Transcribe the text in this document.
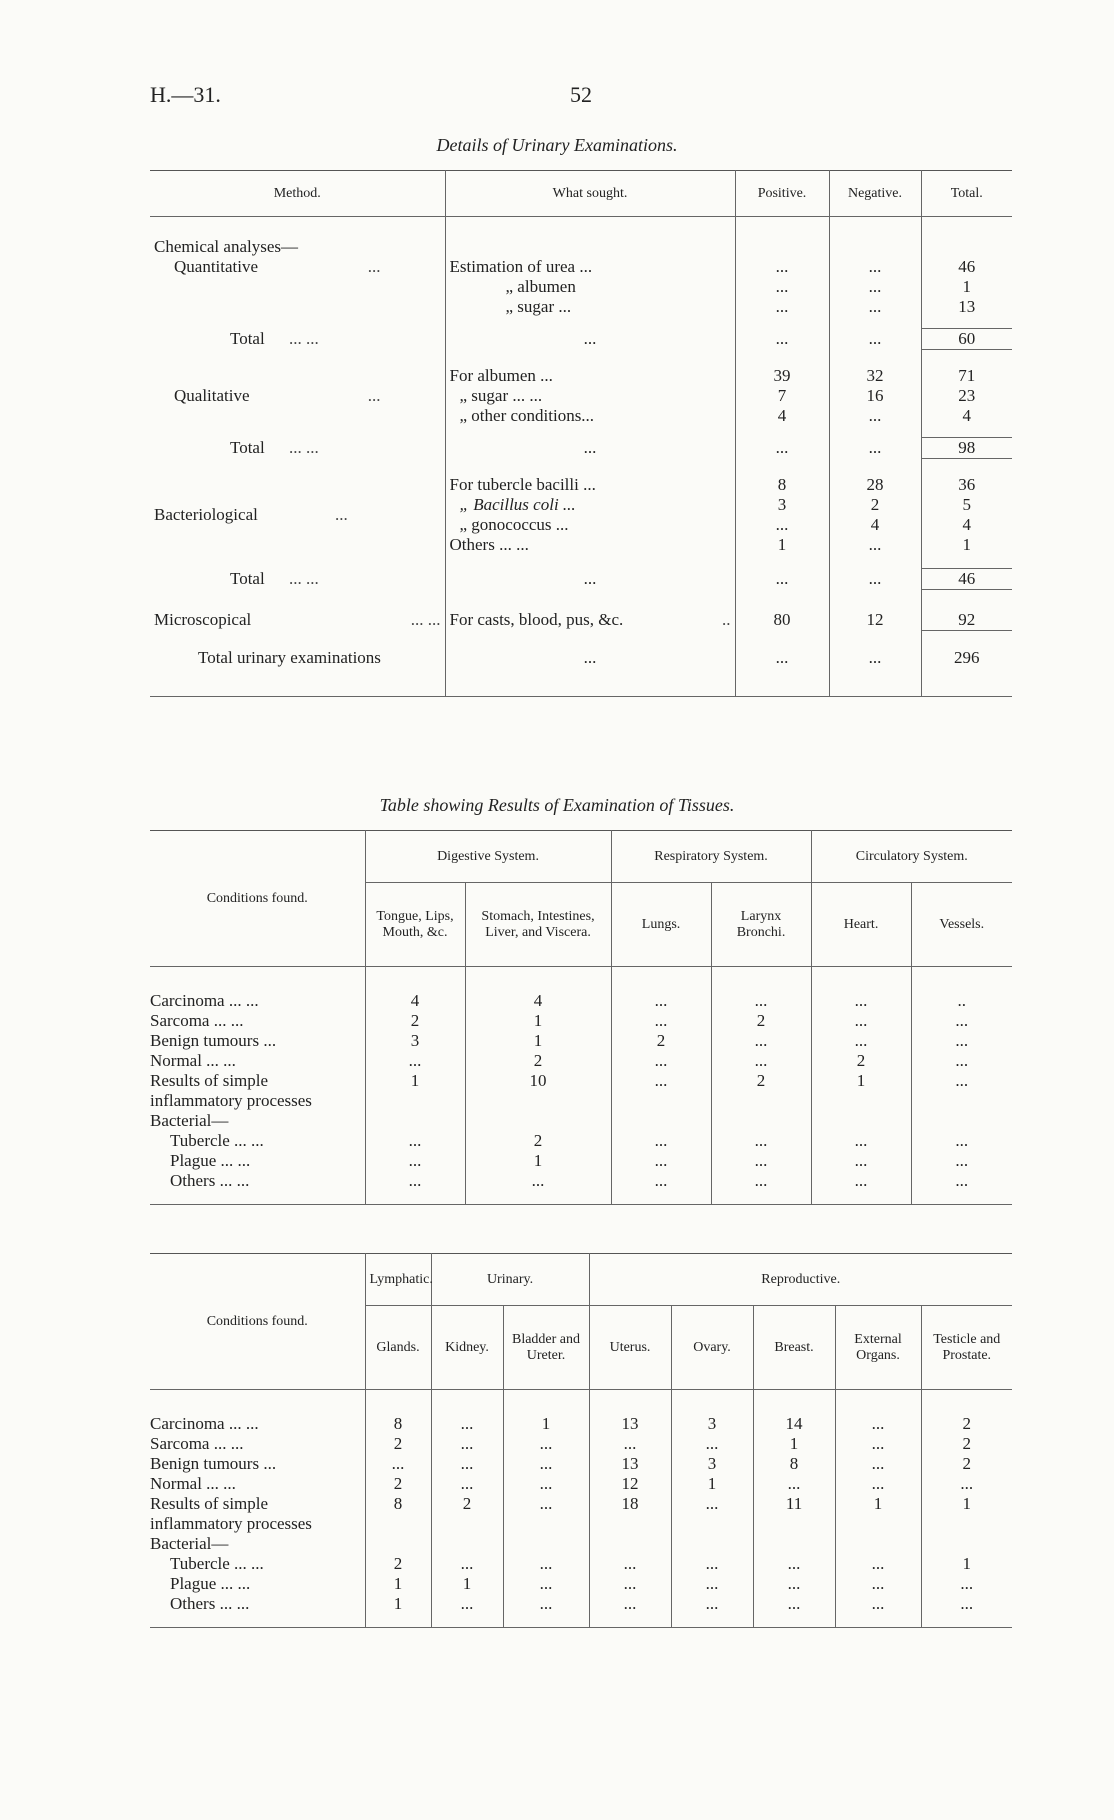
H.—31.	52
Details of Urinary Examinations.
Method.	What sought.	Positive.	Negative.	Total.

Chemical analyses—				
Quantitative ...	Estimation of urea ...	...	...	46
	„ albumen	...	...	1
	„ sugar ...	...	...	13

Total ... ...	...	...	...	60

	For albumen ...	39	32	71
Qualitative ...	„ sugar ... ...	7	16	23
	„ other conditions...	4	...	4

Total ... ...	...	...	...	98

	For tubercle bacilli ...	8	28	36
	„ Bacillus coli ...	3	2	5

Bacteriological ...	„ gonococcus ...	...	4	4
	Others ... ...	1	...	1

Total ... ...	...	...	...	46

Microscopical ... ...	For casts, blood, pus, &c. ..	80	12	92

Total urinary examinations	...	...	...	296

Table showing Results of Examination of Tissues.
Conditions found.	Digestive System.		Respiratory System.		Circulatory System.	
	Tongue, Lips, Mouth, &c.	Stomach, Intestines, Liver, and Viscera.	Lungs.	Larynx Bronchi.	Heart.	Vessels.

Carcinoma ... ...	4	4	...	...	...	..
Sarcoma ... ...	2	1	...	2	...	...
Benign tumours ...	3	1	2	...	...	...
Normal ... ...	...	2	...	...	2	...
Results of simple inflammatory processes	1	10	...	2	1	...
Bacterial—						
Tubercle ... ...	...	2	...	...	...	...
Plague ... ...	...	1	...	...	...	...
Others ... ...	...	...	...	...	...	...

Conditions found.	Lymphatic.	Urinary.		Reproductive.				
	Glands.	Kidney.	Bladder and Ureter.	Uterus.	Ovary.	Breast.	External Organs.	Testicle and Prostate.

Carcinoma ... ...	8	...	1	13	3	14	...	2
Sarcoma ... ...	2	...	...	...	...	1	...	2
Benign tumours ...	...	...	...	13	3	8	...	2
Normal ... ...	2	...	...	12	1	...	...	...
Results of simple inflammatory processes	8	2	...	18	...	11	1	1
Bacterial—								
Tubercle ... ...	2	...	...	...	...	...	...	1
Plague ... ...	1	1	...	...	...	...	...	...
Others ... ...	1	...	...	...	...	...	...	...
